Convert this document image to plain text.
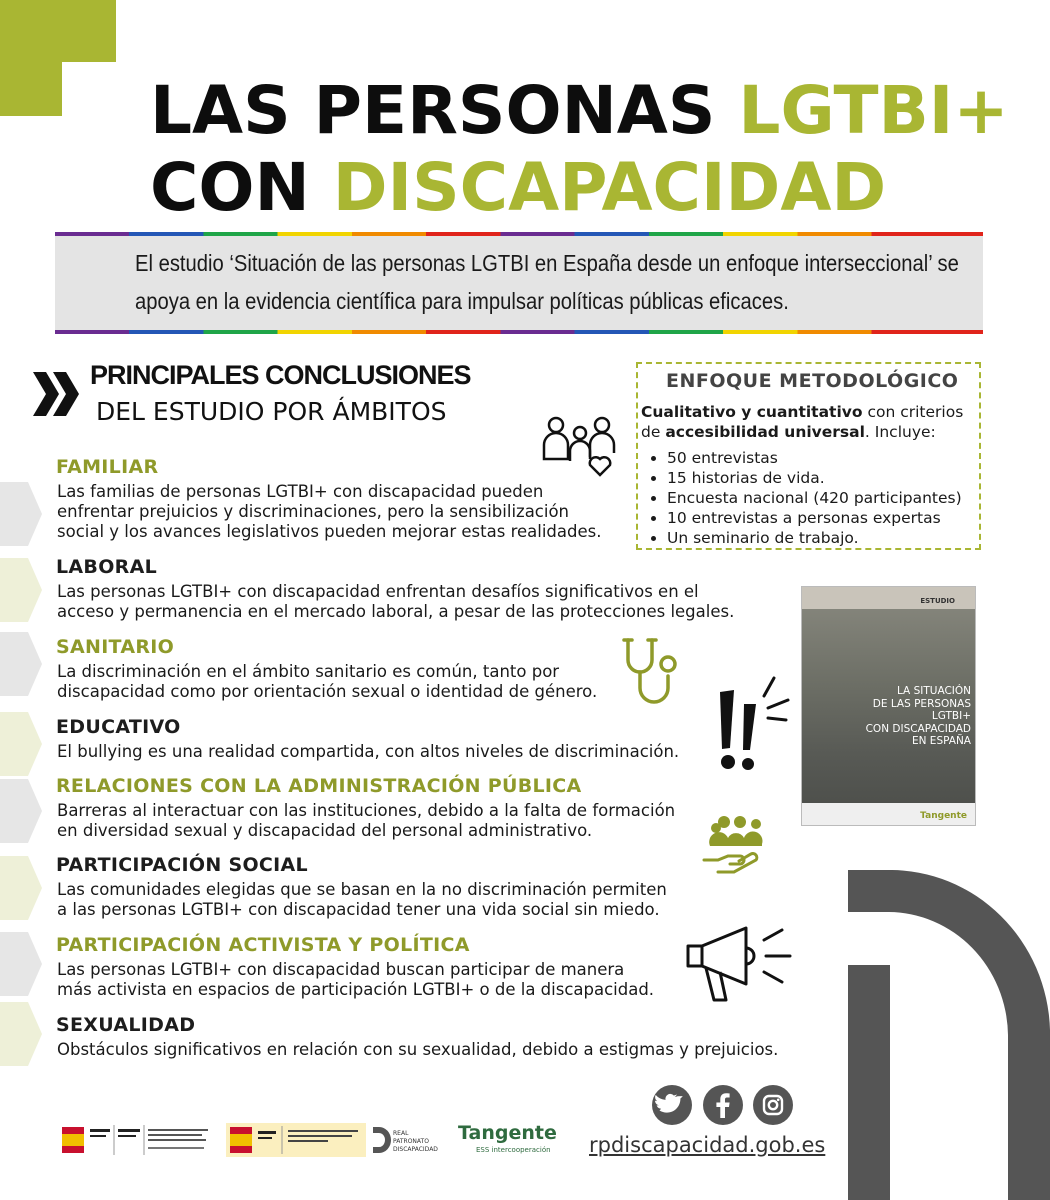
LAS PERSONAS LGTBI+
CON DISCAPACIDAD
El estudio ‘Situación de las personas LGTBI en España desde un enfoque interseccional’ se apoya en la evidencia científica para impulsar políticas públicas eficaces.
PRINCIPALES CONCLUSIONES
DEL ESTUDIO POR ÁMBITOS
ENFOQUE METODOLÓGICO
Cualitativo y cuantitativo con criterios de accesibilidad universal. Incluye:
• 50 entrevistas
• 15 historias de vida.
• Encuesta nacional (420 participantes)
• 10 entrevistas a personas expertas
• Un seminario de trabajo.
FAMILIAR
Las familias de personas LGTBI+ con discapacidad pueden
enfrentar prejuicios y discriminaciones, pero la sensibilización
social y los avances legislativos pueden mejorar estas realidades.
LABORAL
Las personas LGTBI+ con discapacidad enfrentan desafíos significativos en el
acceso y permanencia en el mercado laboral, a pesar de las protecciones legales.
SANITARIO
La discriminación en el ámbito sanitario es común, tanto por
discapacidad como por orientación sexual o identidad de género.
EDUCATIVO
El bullying es una realidad compartida, con altos niveles de discriminación.
RELACIONES CON LA ADMINISTRACIÓN PÚBLICA
Barreras al interactuar con las instituciones, debido a la falta de formación
en diversidad sexual y discapacidad del personal administrativo.
PARTICIPACIÓN SOCIAL
Las comunidades elegidas que se basan en la no discriminación permiten
a las personas LGTBI+ con discapacidad tener una vida social sin miedo.
PARTICIPACIÓN ACTIVISTA Y POLÍTICA
Las personas LGTBI+ con discapacidad buscan participar de manera
más activista en espacios de participación LGTBI+ o de la discapacidad.
SEXUALIDAD
Obstáculos significativos en relación con su sexualidad, debido a estigmas y prejuicios.
ESTUDIO
LA SITUACIÓN
DE LAS PERSONAS
LGTBI+
CON DISCAPACIDAD
EN ESPAÑA
Tangente
rpdiscapacidad.gob.es
REAL
PATRONATO
DISCAPACIDAD
Tangente
ESS intercooperación
